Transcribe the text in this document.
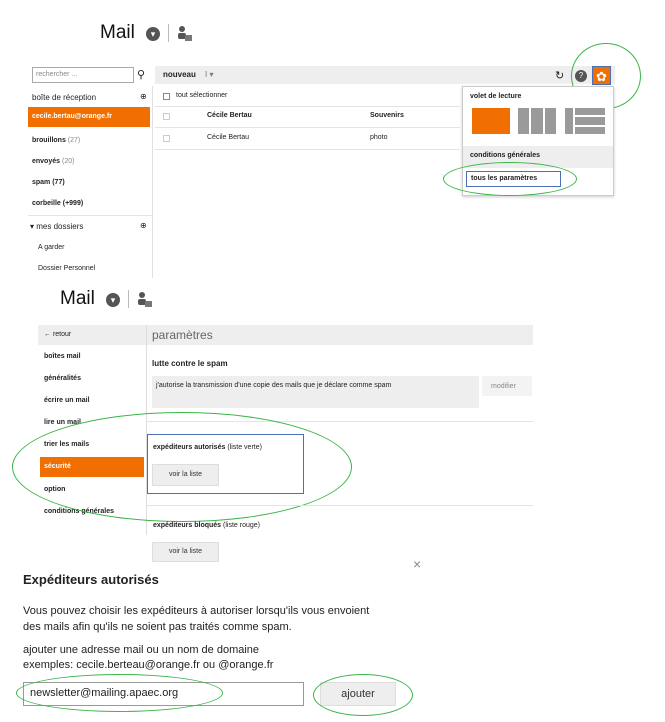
Mail	▾
rechercher ...	⚲ nouveau I ▾	↻	? ✿
boîte de réception	⊕
cecile.bertau@orange.fr
brouillons (27)
envoyés (20)
spam (77)
corbeille (+999)
▾ mes dossiers	⊕
A garder
Dossier Personnel
tout sélectionner
Cécile Bertau	Souvenirs
Cécile Bertau	photo
volet de lecture
conditions générales
tous les paramètres
Mail	▾
← retour	paramètres
boîtes mail
généralités
écrire un mail
lire un mail
trier les mails
sécurité
option
conditions générales
lutte contre le spam
j'autorise la transmission d'une copie des mails que je déclare comme spam	modifier
expéditeurs autorisés (liste verte)
voir la liste
expéditeurs bloqués (liste rouge)
voir la liste
×
Expéditeurs autorisés
Vous pouvez choisir les expéditeurs à autoriser lorsqu'ils vous envoient
des mails afin qu'ils ne soient pas traités comme spam.
ajouter une adresse mail ou un nom de domaine
exemples: cecile.berteau@orange.fr ou @orange.fr
newsletter@mailing.apaec.org	ajouter
